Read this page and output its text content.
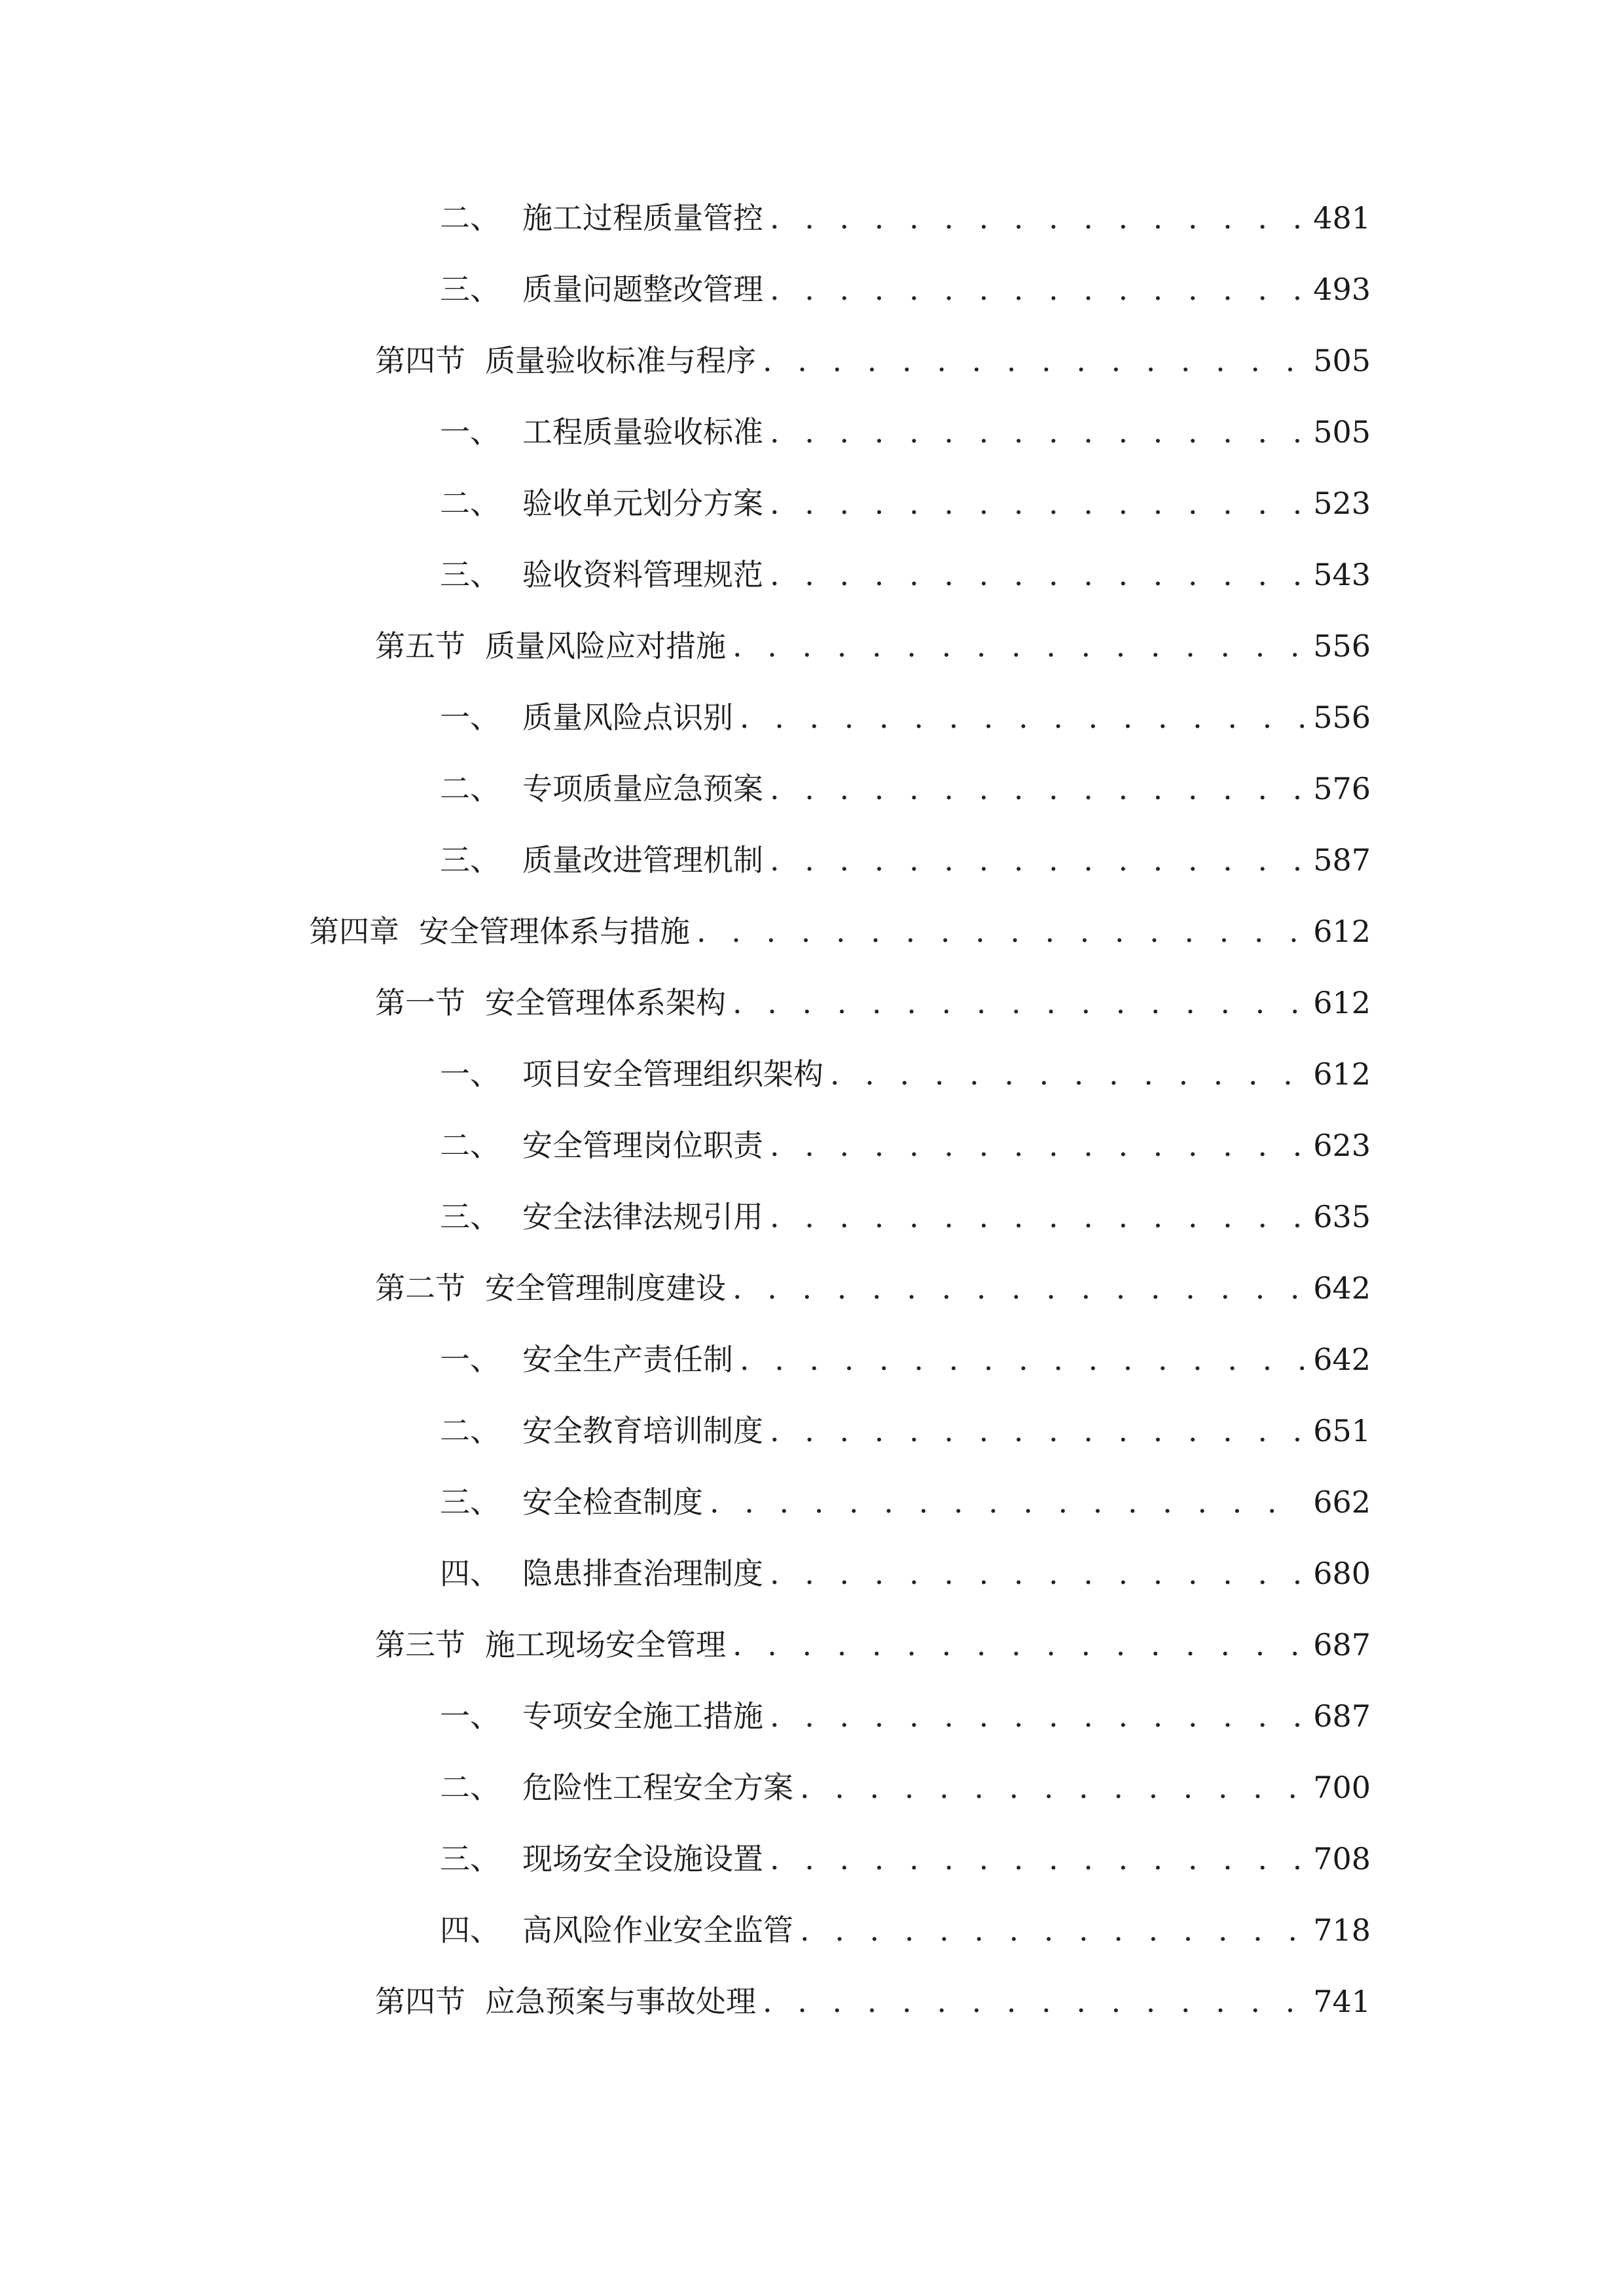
二、 施工过程质量管控 . . .	481
三、 质量问题整改管理 . . .	493
第四节 质量验收标准与程序 . . .	505
一、 工程质量验收标准 . . .	505
二、 验收单元划分方案 . . .	523
三、 验收资料管理规范 . . .	543
第五节 质量风险应对措施 . . .	556
一、 质量风险点识别 . . .	556
二、 专项质量应急预案 . . .	576
三、 质量改进管理机制 . . .	587
第四章 安全管理体系与措施 . . .	612
第一节 安全管理体系架构 . . .	612
一、 项目安全管理组织架构 . . .	612
二、 安全管理岗位职责 . . .	623
三、 安全法律法规引用 . . .	635
第二节 安全管理制度建设 . . .	642
一、 安全生产责任制 . . .	642
二、 安全教育培训制度 . . .	651
三、 安全检查制度 . . .	662
四、 隐患排查治理制度 . . .	680
第三节 施工现场安全管理 . . .	687
一、 专项安全施工措施 . . .	687
二、 危险性工程安全方案 . . .	700
三、 现场安全设施设置 . . .	708
四、 高风险作业安全监管 . . .	718
第四节 应急预案与事故处理 . . .	741
